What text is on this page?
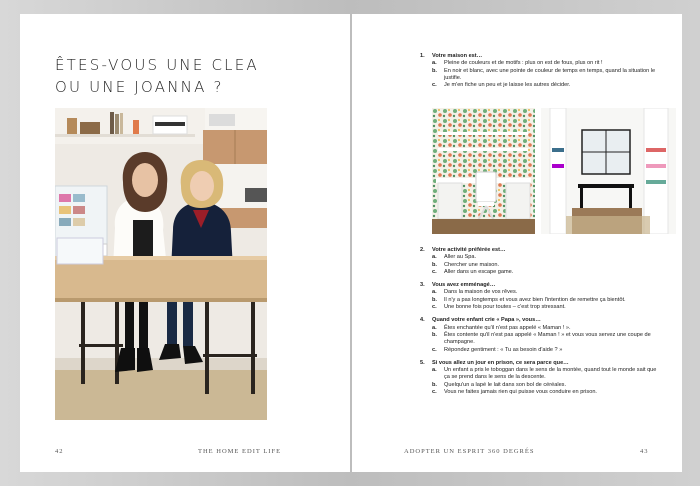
ÊTES-VOUS UNE CLEA
OU UNE JOANNA ?
42	THE HOME EDIT LIFE
1. Votre maison est…
a. Pleine de couleurs et de motifs : plus on est de fous, plus on rit !
b. En noir et blanc, avec une pointe de couleur de temps en temps, quand la situation le justifie.
c. Je m'en fiche un peu et je laisse les autres décider.
2. Votre activité préférée est…
a. Aller au Spa.
b. Chercher une maison.
c. Aller dans un escape game.
3. Vous avez emménagé…
a. Dans la maison de vos rêves.
b. Il n'y a pas longtemps et vous avez bien l'intention de remettre ça bientôt.
c. Une bonne fois pour toutes – c'est trop stressant.
4. Quand votre enfant crie « Papa », vous…
a. Êtes enchantée qu'il n'est pas appelé « Maman ! ».
b. Êtes contente qu'il n'est pas appelé « Maman ! » et vous vous servez une coupe de champagne.
c. Répondez gentiment : « Tu as besoin d'aide ? »
5. Si vous allez un jour en prison, ce sera parce que…
a. Un enfant a pris le toboggan dans le sens de la montée, quand tout le monde sait que ça se prend dans le sens de la descente.
b. Quelqu'un a lapé le lait dans son bol de céréales.
c. Vous ne faites jamais rien qui puisse vous conduire en prison.
ADOPTER UN ESPRIT 360 DEGRÉS	43
